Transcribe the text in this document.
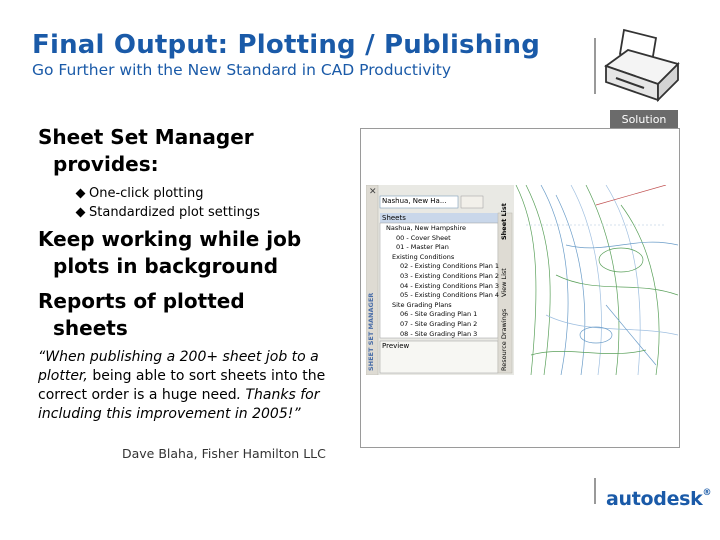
Final Output: Plotting / Publishing
Go Further with the New Standard in CAD Productivity
Solution
Sheet Set Manager
provides:
One-click plotting
Standardized plot settings
Keep working while job
plots in background
Reports of plotted
sheets
“When publishing a 200+ sheet job to a plotter, being able to sort sheets into the correct order is a huge need. Thanks for including this improvement in 2005!”
Dave Blaha, Fisher Hamilton LLC
Nashua, New Ha...
Sheets
Nashua, New Hampshire
00 - Cover Sheet
01 - Master Plan
Existing Conditions
02 - Existing Conditions Plan 1
03 - Existing Conditions Plan 2
04 - Existing Conditions Plan 3
05 - Existing Conditions Plan 4
Site Grading Plans
06 - Site Grading Plan 1
07 - Site Grading Plan 2
08 - Site Grading Plan 3
Preview
SHEET SET MANAGER
✕
Sheet List
View List
Resource Drawings
autodesk®
